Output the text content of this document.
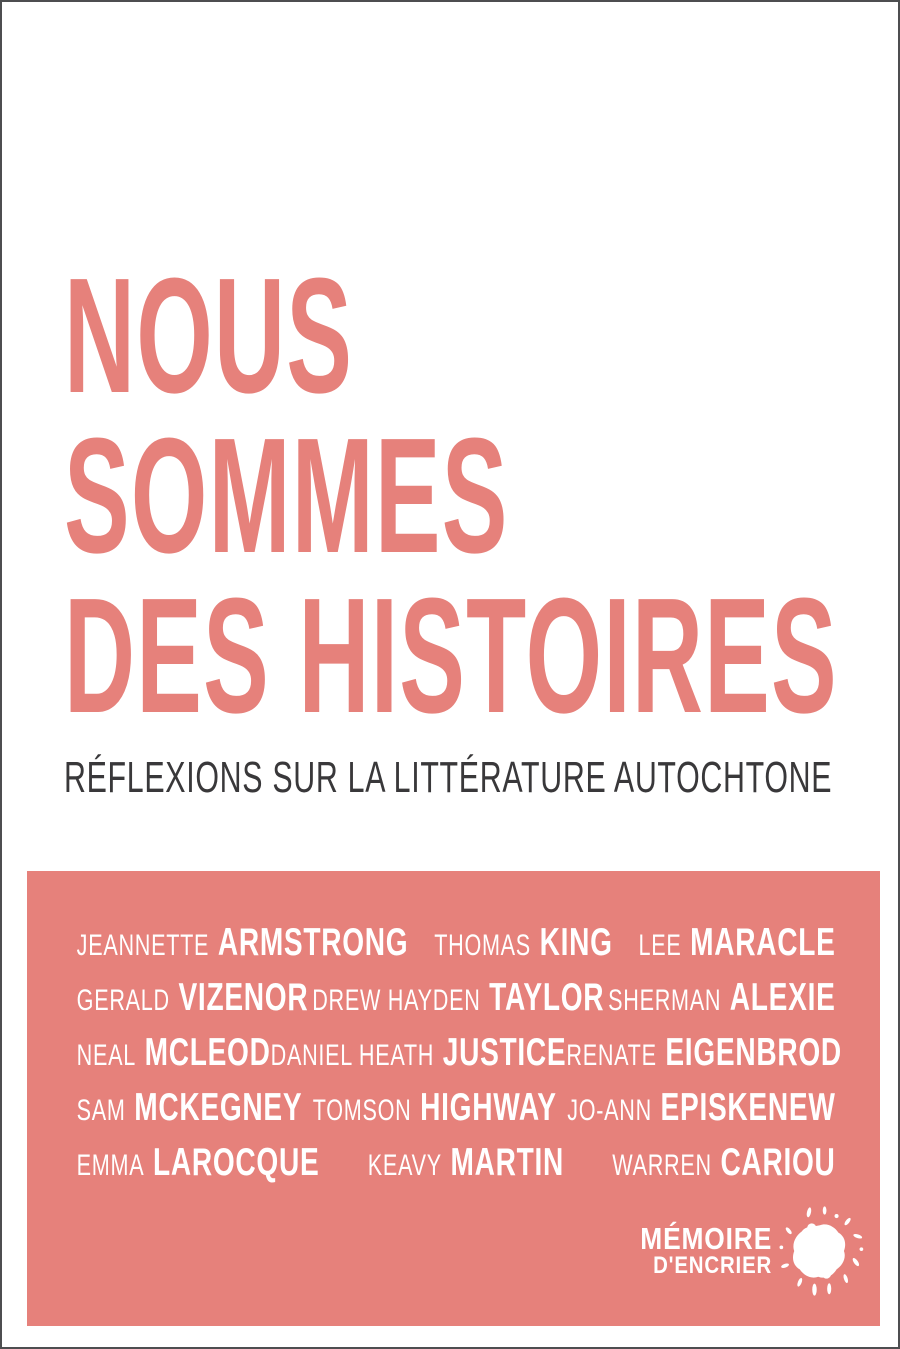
NOUS
SOMMES
DES HISTOIRES
RÉFLEXIONS SUR LA LITTÉRATURE AUTOCHTONE
JEANNETTE ARMSTRONG THOMAS KING LEE MARACLE
GERALD VIZENOR DREW HAYDEN TAYLOR SHERMAN ALEXIE
NEAL MCLEOD DANIEL HEATH JUSTICE RENATE EIGENBROD
SAM MCKEGNEY TOMSON HIGHWAY JO-ANN EPISKENEW
EMMA LAROCQUE KEAVY MARTIN WARREN CARIOU
MÉMOIRE
D'ENCRIER
